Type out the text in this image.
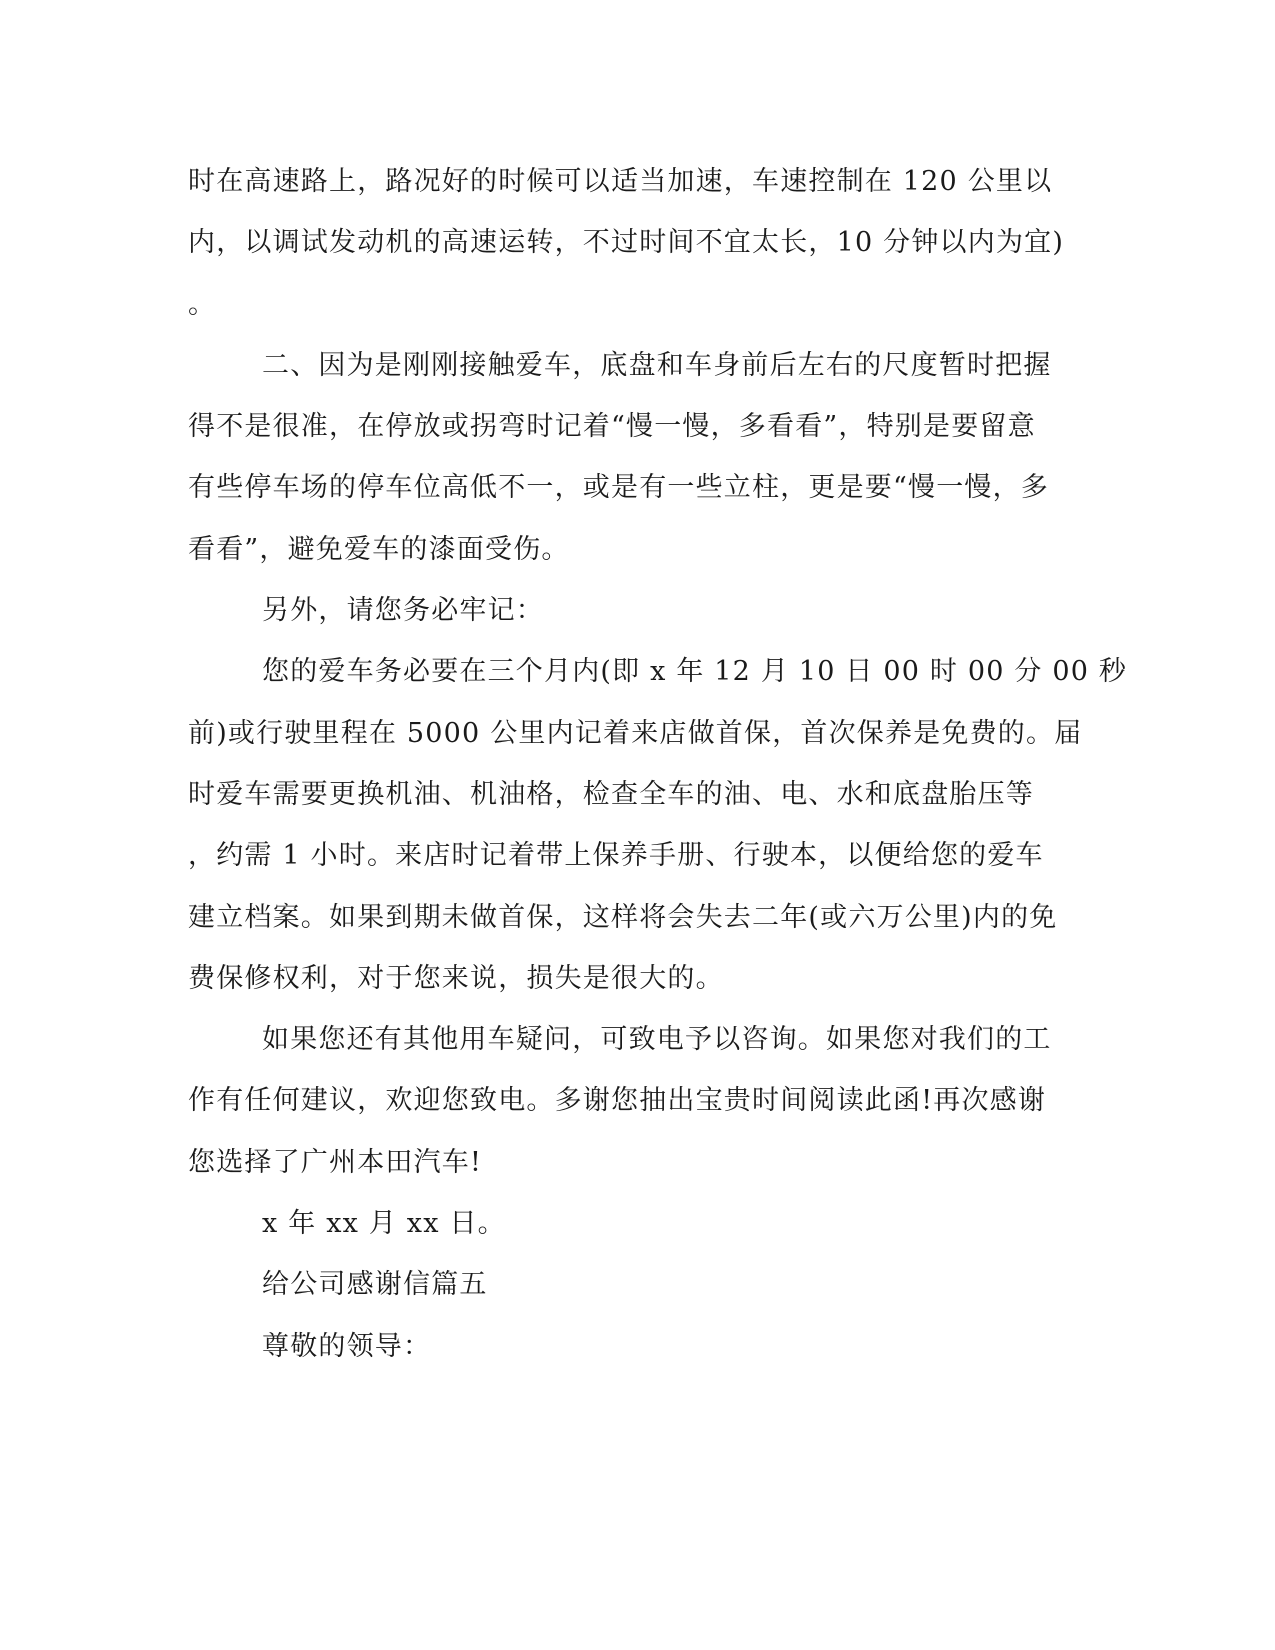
时在高速路上，路况好的时候可以适当加速，车速控制在 120 公里以
内，以调试发动机的高速运转，不过时间不宜太长，10 分钟以内为宜)
。
二、因为是刚刚接触爱车，底盘和车身前后左右的尺度暂时把握
得不是很准，在停放或拐弯时记着“慢一慢，多看看”，特别是要留意
有些停车场的停车位高低不一，或是有一些立柱，更是要“慢一慢，多
看看”，避免爱车的漆面受伤。
另外，请您务必牢记：
您的爱车务必要在三个月内(即 x 年 12 月 10 日 00 时 00 分 00 秒
前)或行驶里程在 5000 公里内记着来店做首保，首次保养是免费的。届
时爱车需要更换机油、机油格，检查全车的油、电、水和底盘胎压等
，约需 1 小时。来店时记着带上保养手册、行驶本，以便给您的爱车
建立档案。如果到期未做首保，这样将会失去二年(或六万公里)内的免
费保修权利，对于您来说，损失是很大的。
如果您还有其他用车疑问，可致电予以咨询。如果您对我们的工
作有任何建议，欢迎您致电。多谢您抽出宝贵时间阅读此函!再次感谢
您选择了广州本田汽车!
x 年 xx 月 xx 日。
给公司感谢信篇五
尊敬的领导：
